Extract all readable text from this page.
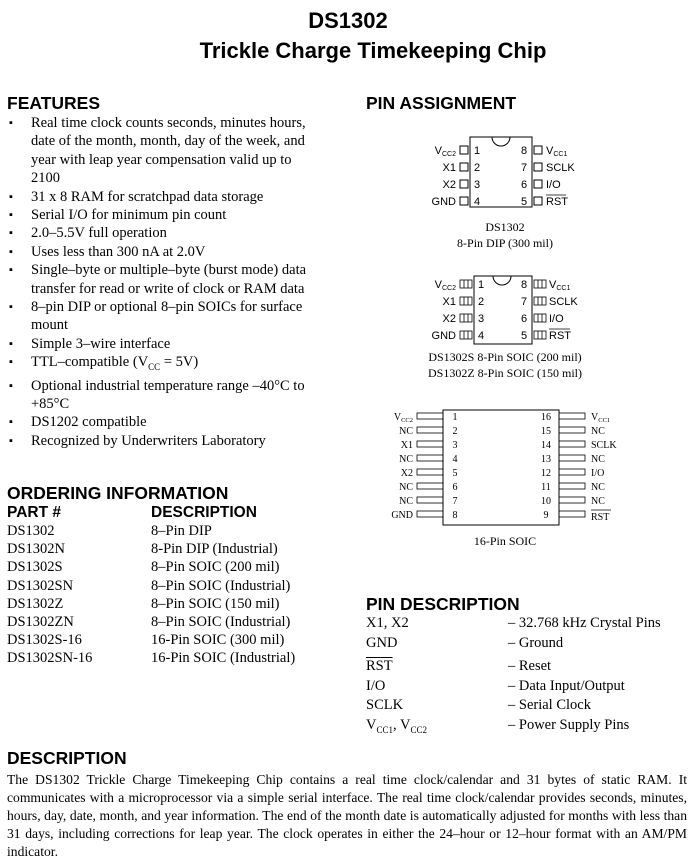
DS1302
Trickle Charge Timekeeping Chip
FEATURES
▪ Real time clock counts seconds, minutes hours, date of the month, month, day of the week, and year with leap year compensation valid up to 2100
▪ 31 x 8 RAM for scratchpad data storage
▪ Serial I/O for minimum pin count
▪ 2.0–5.5V full operation
▪ Uses less than 300 nA at 2.0V
▪ Single–byte or multiple–byte (burst mode) data transfer for read or write of clock or RAM data
▪ 8–pin DIP or optional 8–pin SOICs for surface mount
▪ Simple 3–wire interface
▪ TTL–compatible $(V_{CC} = 5V)$
▪ Optional industrial temperature range –40°C to +85°C
▪ DS1202 compatible
▪ Recognized by Underwriters Laboratory
ORDERING INFORMATION
PART #	DESCRIPTION
DS1302	8–Pin DIP
DS1302N	8-Pin DIP (Industrial)
DS1302S	8–Pin SOIC (200 mil)
DS1302SN	8–Pin SOIC (Industrial)
DS1302Z	8–Pin SOIC (150 mil)
DS1302ZN	8–Pin SOIC (Industrial)
DS1302S-16	16-Pin SOIC (300 mil)
DS1302SN-16	16-Pin SOIC (Industrial)
PIN ASSIGNMENT
VCC2
X1
X2
GND
1
2
3
4
8
7
6
5
VCC1
SCLK
I/O
RST
DS1302
8-Pin DIP (300 mil)
VCC2
X1
X2
GND
1
2
3
4
8
7
6
5
VCC1
SCLK
I/O
RST
DS1302S 8-Pin SOIC (200 mil)
DS1302Z 8-Pin SOIC (150 mil)
$V_{CC2}$
NC
X1
NC
X2
NC
NC
GND
1
2
3
4
5
6
7
8
16
15
14
13
12
11
10
9
$V_{CC1}$
NC
SCLK
NC
I/O
NC
NC
RST
16-Pin SOIC
PIN DESCRIPTION
X1, X2	– 32.768 kHz Crystal Pins
GND	– Ground
$\overline{RST}$	– Reset
I/O	– Data Input/Output
SCLK	– Serial Clock
$V_{CC1}$, $V_{CC2}$	– Power Supply Pins
DESCRIPTION
The DS1302 Trickle Charge Timekeeping Chip contains a real time clock/calendar and 31 bytes of static RAM. It communicates with a microprocessor via a simple serial interface. The real time clock/calendar provides seconds, minutes, hours, day, date, month, and year information. The end of the month date is automatically adjusted for months with less than 31 days, including corrections for leap year. The clock operates in either the 24–hour or 12–hour format with an AM/PM indicator.
